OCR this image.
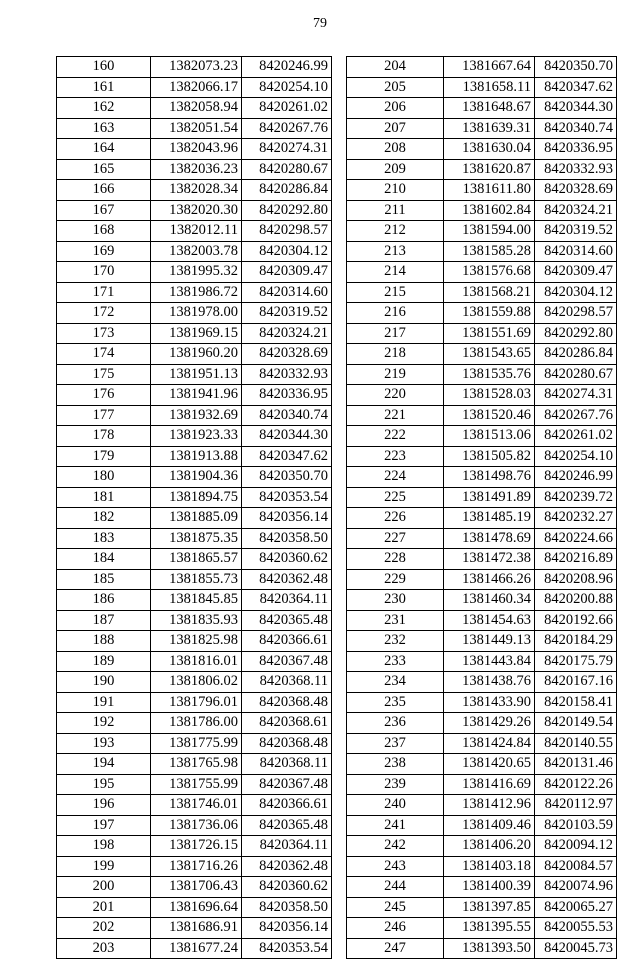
79
160	1382073.23	8420246.99
161	1382066.17	8420254.10
162	1382058.94	8420261.02
163	1382051.54	8420267.76
164	1382043.96	8420274.31
165	1382036.23	8420280.67
166	1382028.34	8420286.84
167	1382020.30	8420292.80
168	1382012.11	8420298.57
169	1382003.78	8420304.12
170	1381995.32	8420309.47
171	1381986.72	8420314.60
172	1381978.00	8420319.52
173	1381969.15	8420324.21
174	1381960.20	8420328.69
175	1381951.13	8420332.93
176	1381941.96	8420336.95
177	1381932.69	8420340.74
178	1381923.33	8420344.30
179	1381913.88	8420347.62
180	1381904.36	8420350.70
181	1381894.75	8420353.54
182	1381885.09	8420356.14
183	1381875.35	8420358.50
184	1381865.57	8420360.62
185	1381855.73	8420362.48
186	1381845.85	8420364.11
187	1381835.93	8420365.48
188	1381825.98	8420366.61
189	1381816.01	8420367.48
190	1381806.02	8420368.11
191	1381796.01	8420368.48
192	1381786.00	8420368.61
193	1381775.99	8420368.48
194	1381765.98	8420368.11
195	1381755.99	8420367.48
196	1381746.01	8420366.61
197	1381736.06	8420365.48
198	1381726.15	8420364.11
199	1381716.26	8420362.48
200	1381706.43	8420360.62
201	1381696.64	8420358.50
202	1381686.91	8420356.14
203	1381677.24	8420353.54
204	1381667.64	8420350.70
205	1381658.11	8420347.62
206	1381648.67	8420344.30
207	1381639.31	8420340.74
208	1381630.04	8420336.95
209	1381620.87	8420332.93
210	1381611.80	8420328.69
211	1381602.84	8420324.21
212	1381594.00	8420319.52
213	1381585.28	8420314.60
214	1381576.68	8420309.47
215	1381568.21	8420304.12
216	1381559.88	8420298.57
217	1381551.69	8420292.80
218	1381543.65	8420286.84
219	1381535.76	8420280.67
220	1381528.03	8420274.31
221	1381520.46	8420267.76
222	1381513.06	8420261.02
223	1381505.82	8420254.10
224	1381498.76	8420246.99
225	1381491.89	8420239.72
226	1381485.19	8420232.27
227	1381478.69	8420224.66
228	1381472.38	8420216.89
229	1381466.26	8420208.96
230	1381460.34	8420200.88
231	1381454.63	8420192.66
232	1381449.13	8420184.29
233	1381443.84	8420175.79
234	1381438.76	8420167.16
235	1381433.90	8420158.41
236	1381429.26	8420149.54
237	1381424.84	8420140.55
238	1381420.65	8420131.46
239	1381416.69	8420122.26
240	1381412.96	8420112.97
241	1381409.46	8420103.59
242	1381406.20	8420094.12
243	1381403.18	8420084.57
244	1381400.39	8420074.96
245	1381397.85	8420065.27
246	1381395.55	8420055.53
247	1381393.50	8420045.73
